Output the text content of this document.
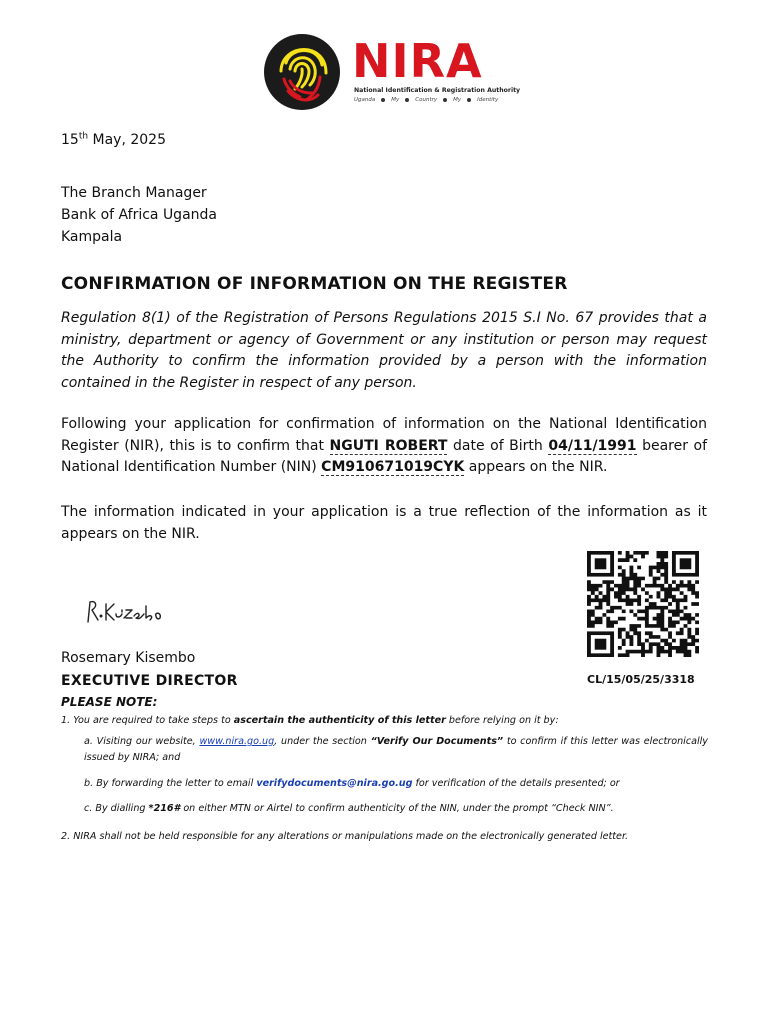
NIRA
National Identification & Registration Authority
Uganda	My	Country	My	Identity
15th May, 2025
The Branch Manager
Bank of Africa Uganda
Kampala
CONFIRMATION OF INFORMATION ON THE REGISTER
Regulation 8(1) of the Registration of Persons Regulations 2015 S.I No. 67 provides that a ministry, department or agency of Government or any institution or person may request the Authority to confirm the information provided by a person with the information contained in the Register in respect of any person.
Following your application for confirmation of information on the National Identification Register (NIR), this is to confirm that NGUTI ROBERT date of Birth 04/11/1991 bearer of National Identification Number (NIN) CM910671019CYK appears on the NIR.
The information indicated in your application is a true reflection of the information as it appears on the NIR.
CL/15/05/25/3318
Rosemary Kisembo
EXECUTIVE DIRECTOR
PLEASE NOTE:
1. You are required to take steps to ascertain the authenticity of this letter before relying on it by:
a. Visiting our website, www.nira.go.ug, under the section “Verify Our Documents” to confirm if this letter was electronically issued by NIRA; and
b. By forwarding the letter to email verifydocuments@nira.go.ug for verification of the details presented; or
c. By dialling *216# on either MTN or Airtel to confirm authenticity of the NIN, under the prompt “Check NIN”.
2. NIRA shall not be held responsible for any alterations or manipulations made on the electronically generated letter.
